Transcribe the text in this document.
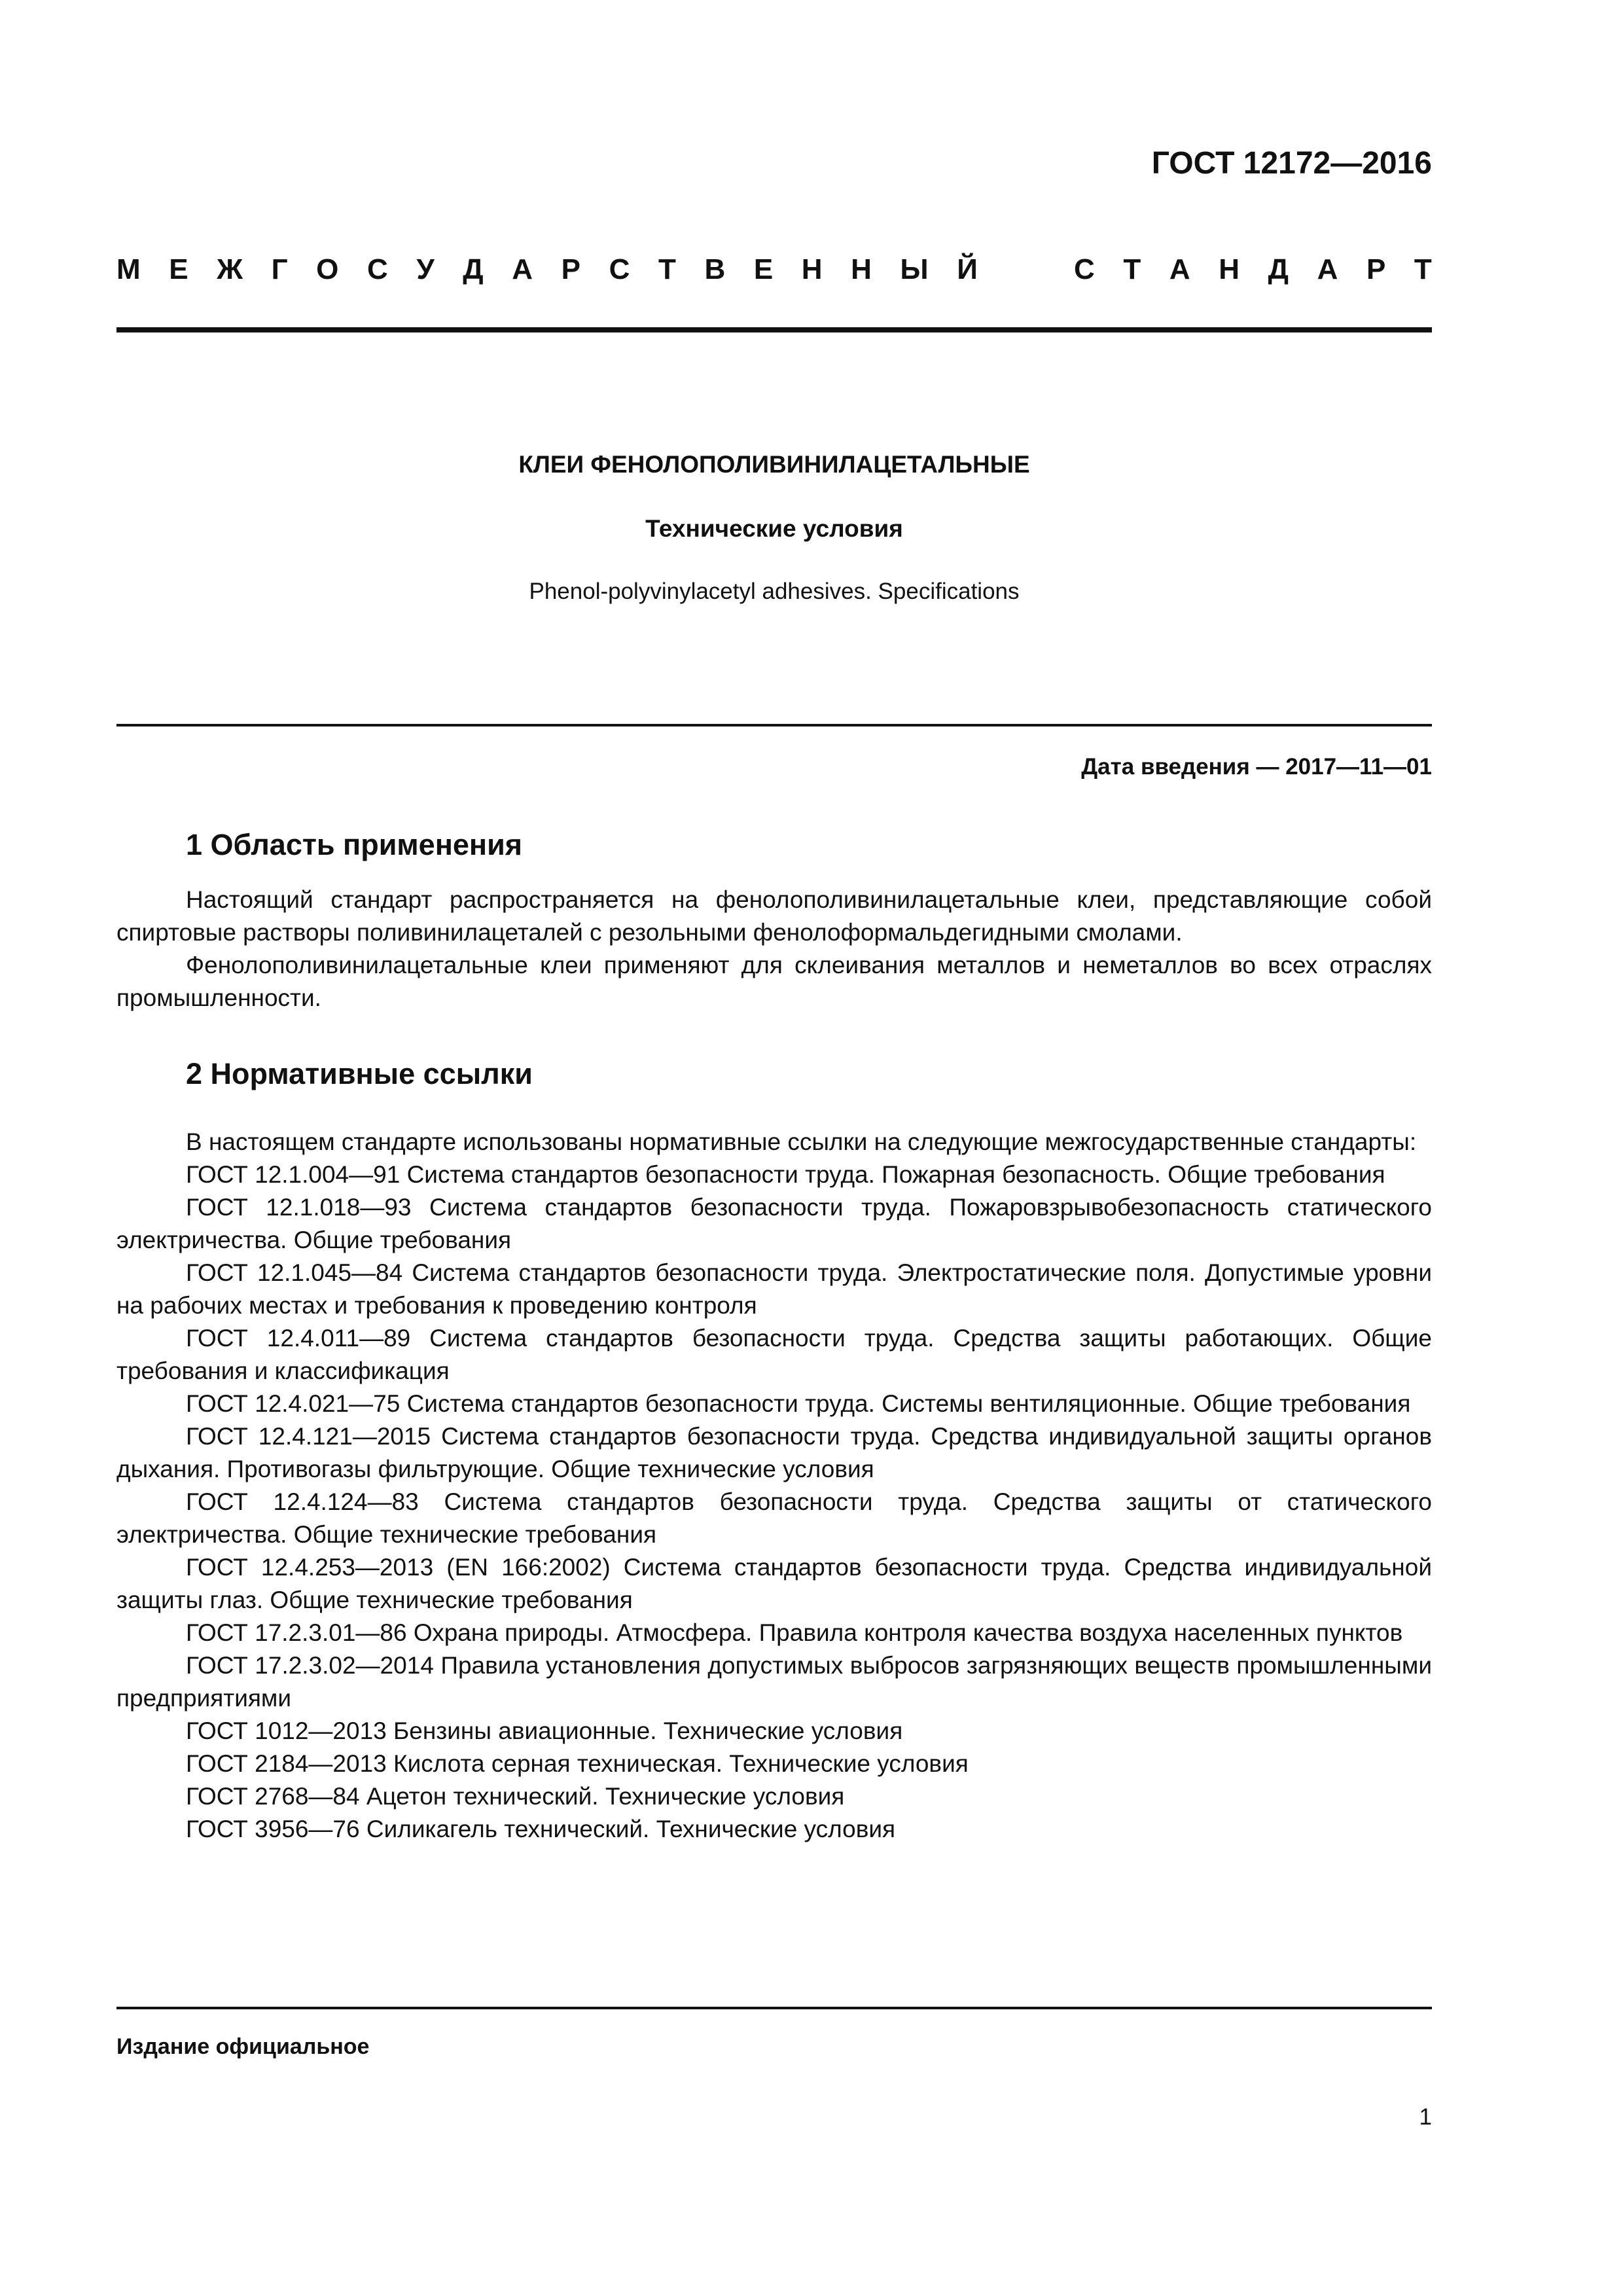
ГОСТ 12172—2016
М Е Ж Г О С У Д А Р С Т В Е Н Н Ы Й	С Т А Н Д А Р Т
КЛЕИ ФЕНОЛОПОЛИВИНИЛАЦЕТАЛЬНЫЕ
Технические условия
Phenol-polyvinylacetyl adhesives. Specifications
Дата введения — 2017—11—01
1 Область применения

Настоящий стандарт распространяется на фенолополивинилацетальные клеи, представляющие собой спиртовые растворы поливинилацеталей с резольными фенолоформальдегидными смолами.

Фенолополивинилацетальные клеи применяют для склеивания металлов и неметаллов во всех отраслях промышленности.

2 Нормативные ссылки

В настоящем стандарте использованы нормативные ссылки на следующие межгосударственные стандарты:

ГОСТ 12.1.004—91 Система стандартов безопасности труда. Пожарная безопасность. Общие требования

ГОСТ 12.1.018—93 Система стандартов безопасности труда. Пожаровзрывобезопасность статического электричества. Общие требования

ГОСТ 12.1.045—84 Система стандартов безопасности труда. Электростатические поля. Допустимые уровни на рабочих местах и требования к проведению контроля

ГОСТ 12.4.011—89 Система стандартов безопасности труда. Средства защиты работающих. Общие требования и классификация

ГОСТ 12.4.021—75 Система стандартов безопасности труда. Системы вентиляционные. Общие требования

ГОСТ 12.4.121—2015 Система стандартов безопасности труда. Средства индивидуальной защиты органов дыхания. Противогазы фильтрующие. Общие технические условия

ГОСТ 12.4.124—83 Система стандартов безопасности труда. Средства защиты от статического электричества. Общие технические требования

ГОСТ 12.4.253—2013 (EN 166:2002) Система стандартов безопасности труда. Средства индивидуальной защиты глаз. Общие технические требования

ГОСТ 17.2.3.01—86 Охрана природы. Атмосфера. Правила контроля качества воздуха населенных пунктов

ГОСТ 17.2.3.02—2014 Правила установления допустимых выбросов загрязняющих веществ промышленными предприятиями

ГОСТ 1012—2013 Бензины авиационные. Технические условия

ГОСТ 2184—2013 Кислота серная техническая. Технические условия

ГОСТ 2768—84 Ацетон технический. Технические условия

ГОСТ 3956—76 Силикагель технический. Технические условия

Издание официальное
1
